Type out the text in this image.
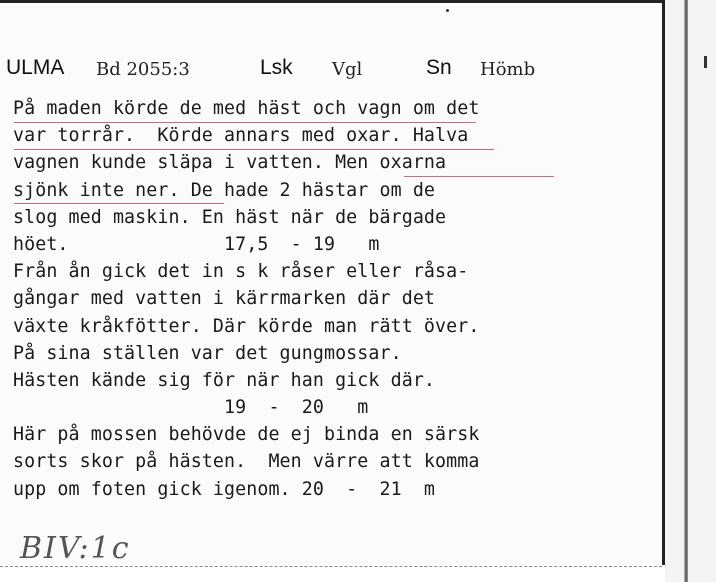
ULMA Bd 2055:3	Lsk Vgl	Sn Hömb
På maden körde de med häst och vagn om det
var torrår.  Körde annars med oxar. Halva
vagnen kunde släpa i vatten. Men oxarna
sjönk inte ner. De hade 2 hästar om de
slog med maskin. En häst när de bärgade
höet.              17,5  - 19   m
Från ån gick det in s k råser eller råsa-
gångar med vatten i kärrmarken där det
växte kråkfötter. Där körde man rätt över.
På sina ställen var det gungmossar.
Hästen kände sig för när han gick där.
19  -  20   m
Här på mossen behövde de ej binda en särsk
sorts skor på hästen.  Men värre att komma
upp om foten gick igenom. 20  -  21  m
BIV:1c
